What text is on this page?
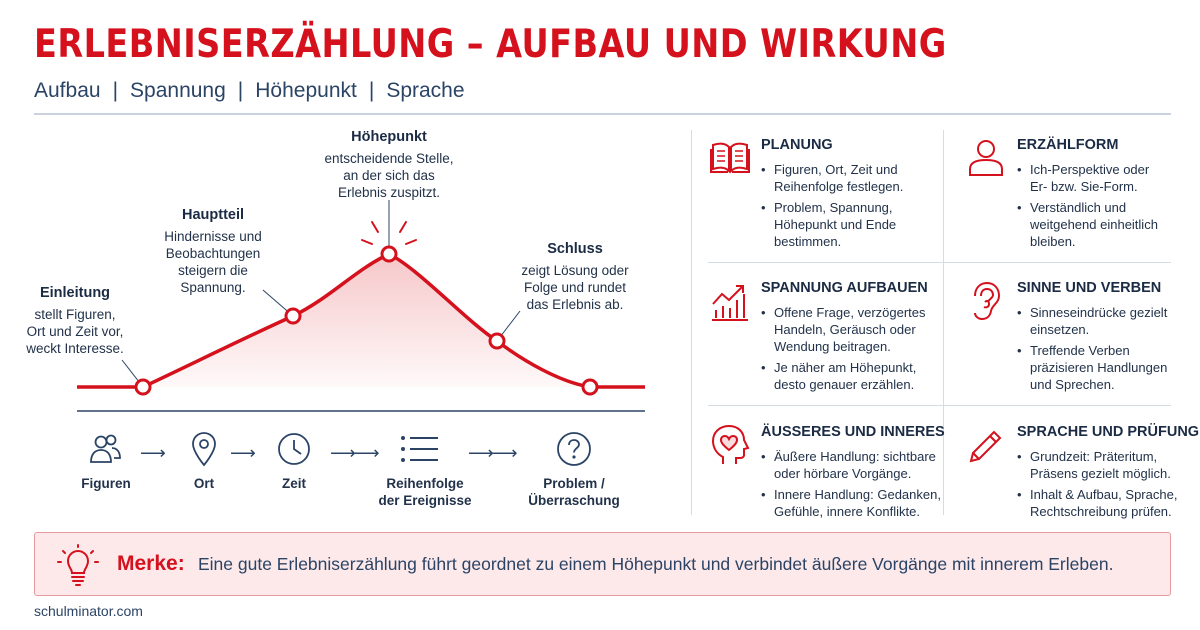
ERLEBNISERZÄHLUNG – AUFBAU UND WIRKUNG
Aufbau | Spannung | Höhepunkt | Sprache
Einleitung
stellt Figuren,
Ort und Zeit vor,
weckt Interesse.
Hauptteil
Hindernisse und
Beobachtungen
steigern die
Spannung.
Höhepunkt
entscheidende Stelle,
an der sich das
Erlebnis zuspitzt.
Schluss
zeigt Lösung oder
Folge und rundet
das Erlebnis ab.
Figuren
⟶
Ort
⟶
Zeit
⟶⟶
Reihenfolge
der Ereignisse
⟶⟶
Problem /
Überraschung
PLANUNG
• Figuren, Ort, Zeit und
Reihenfolge festlegen.
• Problem, Spannung,
Höhepunkt und Ende
bestimmen.
ERZÄHLFORM
• Ich-Perspektive oder
Er- bzw. Sie-Form.
• Verständlich und
weitgehend einheitlich
bleiben.
SPANNUNG AUFBAUEN
• Offene Frage, verzögertes
Handeln, Geräusch oder
Wendung beitragen.
• Je näher am Höhepunkt,
desto genauer erzählen.
SINNE UND VERBEN
• Sinneseindrücke gezielt
einsetzen.
• Treffende Verben
präzisieren Handlungen
und Sprechen.
ÄUSSERES UND INNERES
• Äußere Handlung: sichtbare
oder hörbare Vorgänge.
• Innere Handlung: Gedanken,
Gefühle, innere Konflikte.
SPRACHE UND PRÜFUNG
• Grundzeit: Präteritum,
Präsens gezielt möglich.
• Inhalt & Aufbau, Sprache,
Rechtschreibung prüfen.
Merke: Eine gute Erlebniserzählung führt geordnet zu einem Höhepunkt und verbindet äußere Vorgänge mit innerem Erleben.
schulminator.com
